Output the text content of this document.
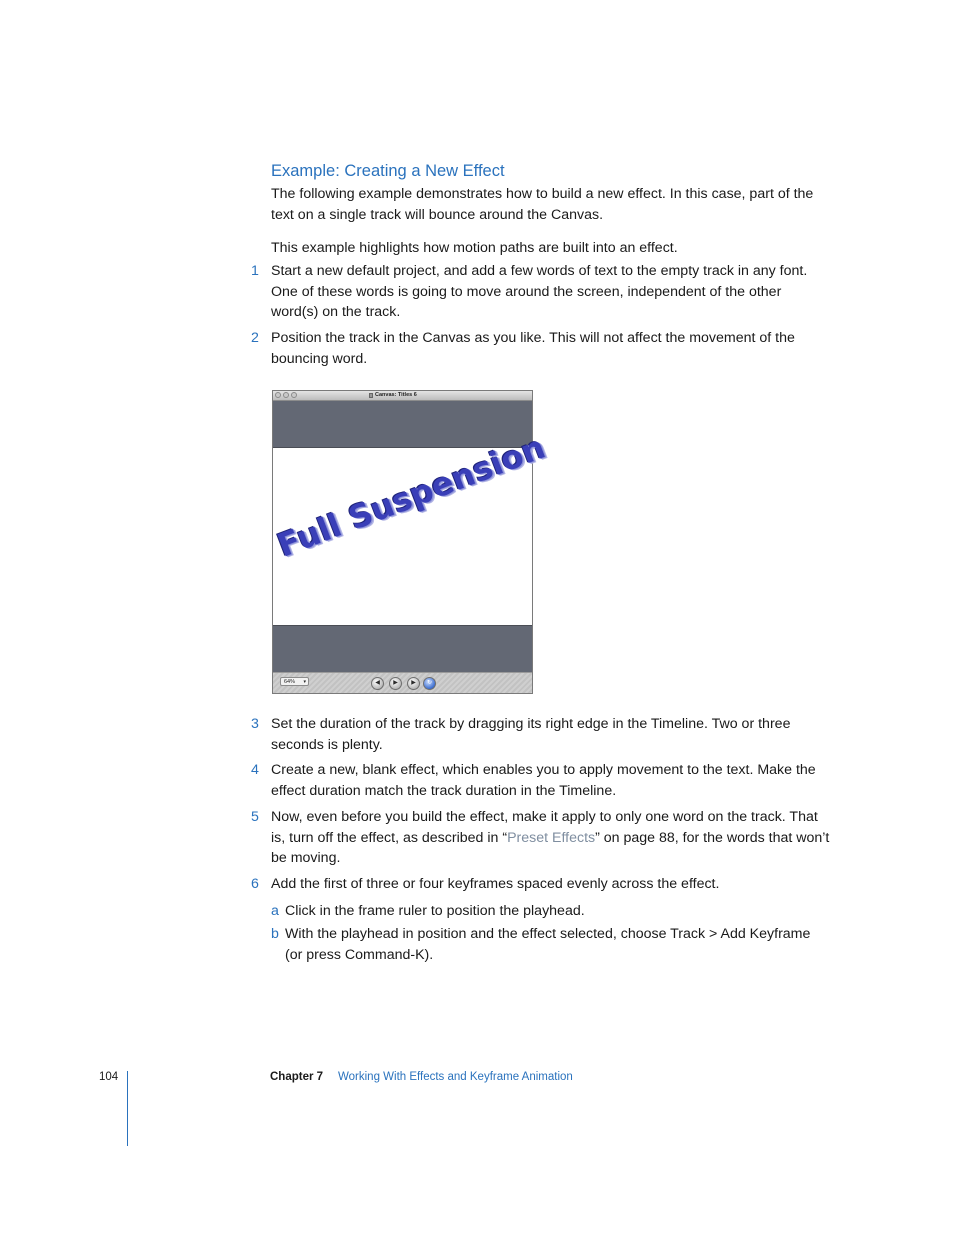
Example: Creating a New Effect

The following example demonstrates how to build a new effect. In this case, part of the text on a single track will bounce around the Canvas.

This example highlights how motion paths are built into an effect.

1 Start a new default project, and add a few words of text to the empty track in any font. One of these words is going to move around the screen, independent of the other word(s) on the track.

2 Position the track in the Canvas as you like. This will not affect the movement of the bouncing word.

Canvas: Titles 6
Full Suspension
64% ▾	◀	▶	▶	↻
3 Set the duration of the track by dragging its right edge in the Timeline. Two or three seconds is plenty.

4 Create a new, blank effect, which enables you to apply movement to the text. Make the effect duration match the track duration in the Timeline.

5 Now, even before you build the effect, make it apply to only one word on the track. That is, turn off the effect, as described in “Preset Effects” on page 88, for the words that won’t be moving.

6 Add the first of three or four keyframes spaced evenly across the effect.

a Click in the frame ruler to position the playhead.

b With the playhead in position and the effect selected, choose Track > Add Keyframe (or press Command-K).

104	Chapter 7 Working With Effects and Keyframe Animation
